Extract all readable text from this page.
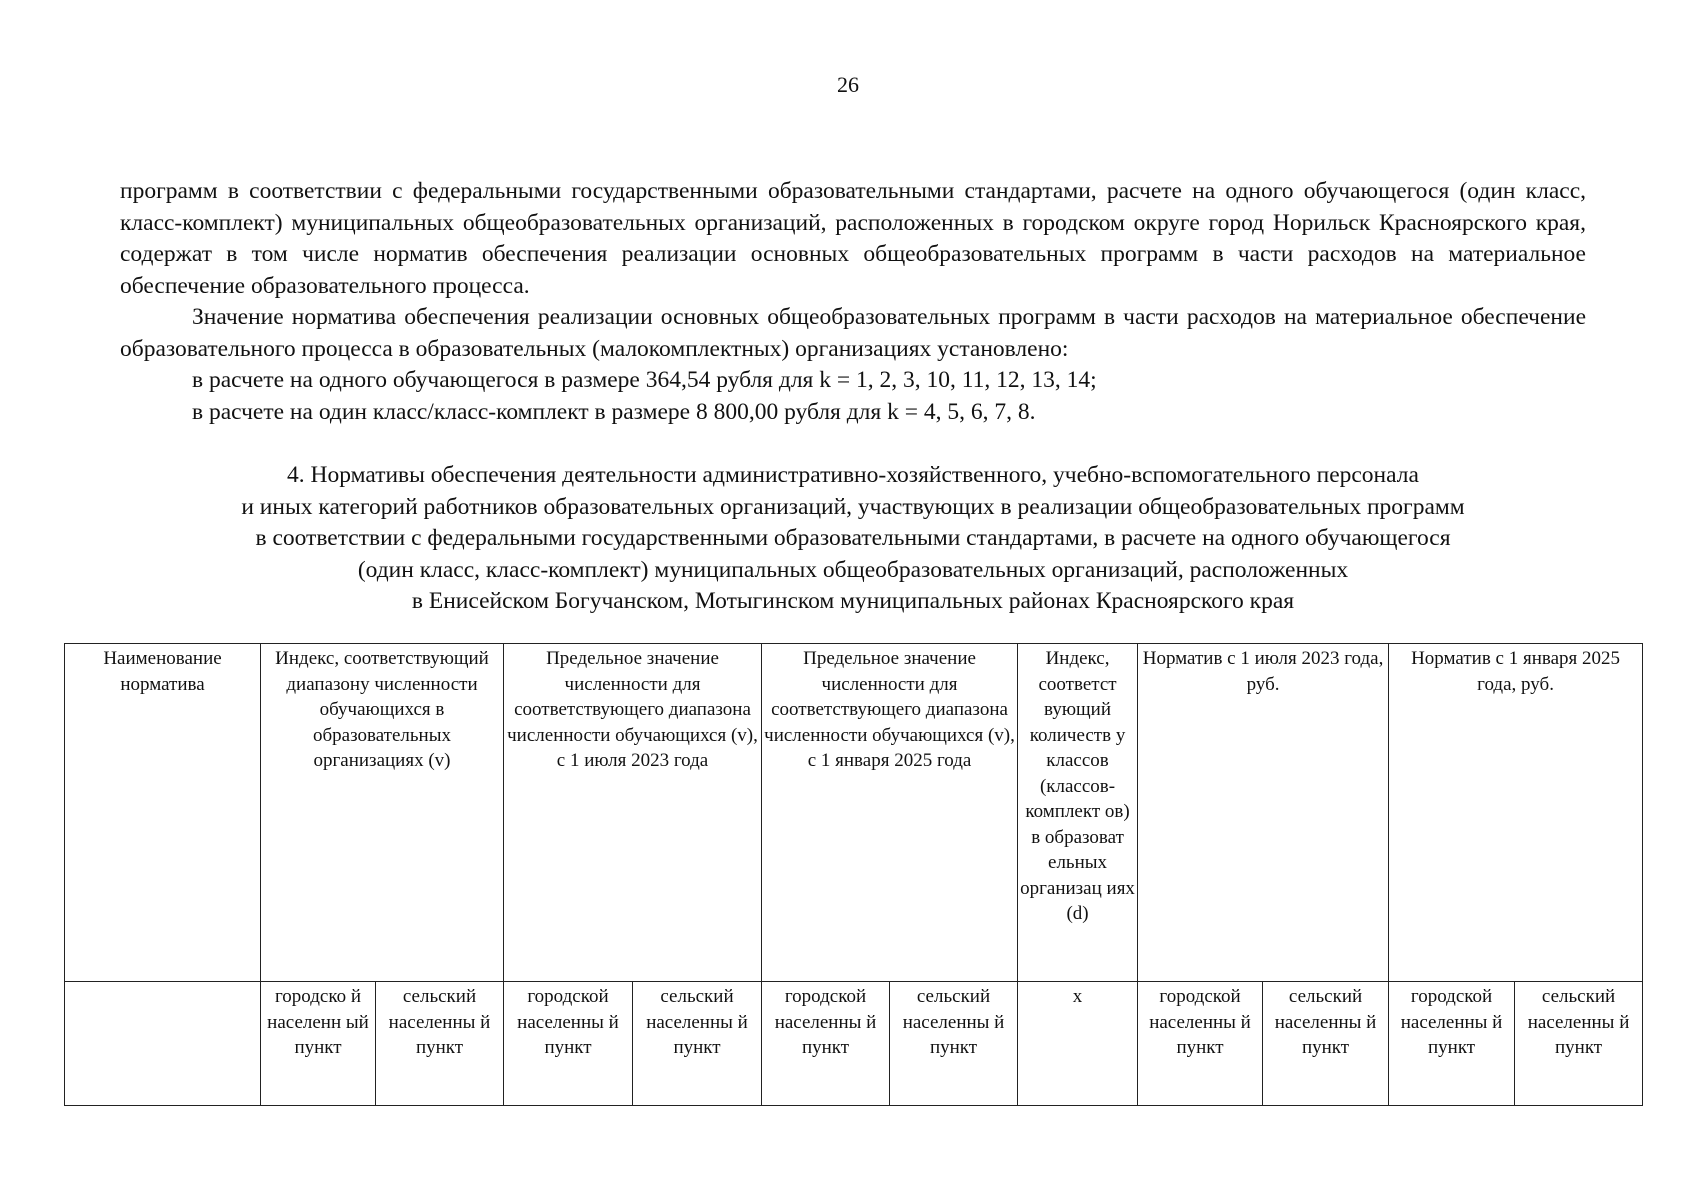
26

программ в соответствии с федеральными государственными образовательными стандартами, расчете на одного обучающегося (один класс, класс-комплект) муниципальных общеобразовательных организаций, расположенных в городском округе город Норильск Красноярского края, содержат в том числе норматив обеспечения реализации основных общеобразовательных программ в части расходов на материальное обеспечение образовательного процесса.

Значение норматива обеспечения реализации основных общеобразовательных программ в части расходов на материальное обеспечение образовательного процесса в образовательных (малокомплектных) организациях установлено:

в расчете на одного обучающегося в размере 364,54 рубля для k = 1, 2, 3, 10, 11, 12, 13, 14;

в расчете на один класс/класс-комплект в размере 8 800,00 рубля для k = 4, 5, 6, 7, 8.

4. Нормативы обеспечения деятельности административно-хозяйственного, учебно-вспомогательного персонала
и иных категорий работников образовательных организаций, участвующих в реализации общеобразовательных программ
в соответствии с федеральными государственными образовательными стандартами, в расчете на одного обучающегося
(один класс, класс-комплект) муниципальных общеобразовательных организаций, расположенных
в Енисейском Богучанском, Мотыгинском муниципальных районах Красноярского края
Наименование норматива	Индекс, соответствующий диапазону численности обучающихся в образовательных организациях (v)		Предельное значение численности для соответствующего диапазона численности обучающихся (v), с 1 июля 2023 года		Предельное значение численности для соответствующего диапазона численности обучающихся (v), с 1 января 2025 года		Индекс, соответст вующий количеств у классов (классов-комплект ов) в образоват ельных организац иях (d)	Норматив с 1 июля 2023 года, руб.		Норматив с 1 января 2025 года, руб.	
	городско й населенн ый пункт	сельский населенны й пункт	городской населенны й пункт	сельский населенны й пункт	городской населенны й пункт	сельский населенны й пункт	x	городской населенны й пункт	сельский населенны й пункт	городской населенны й пункт	сельский населенны й пункт
